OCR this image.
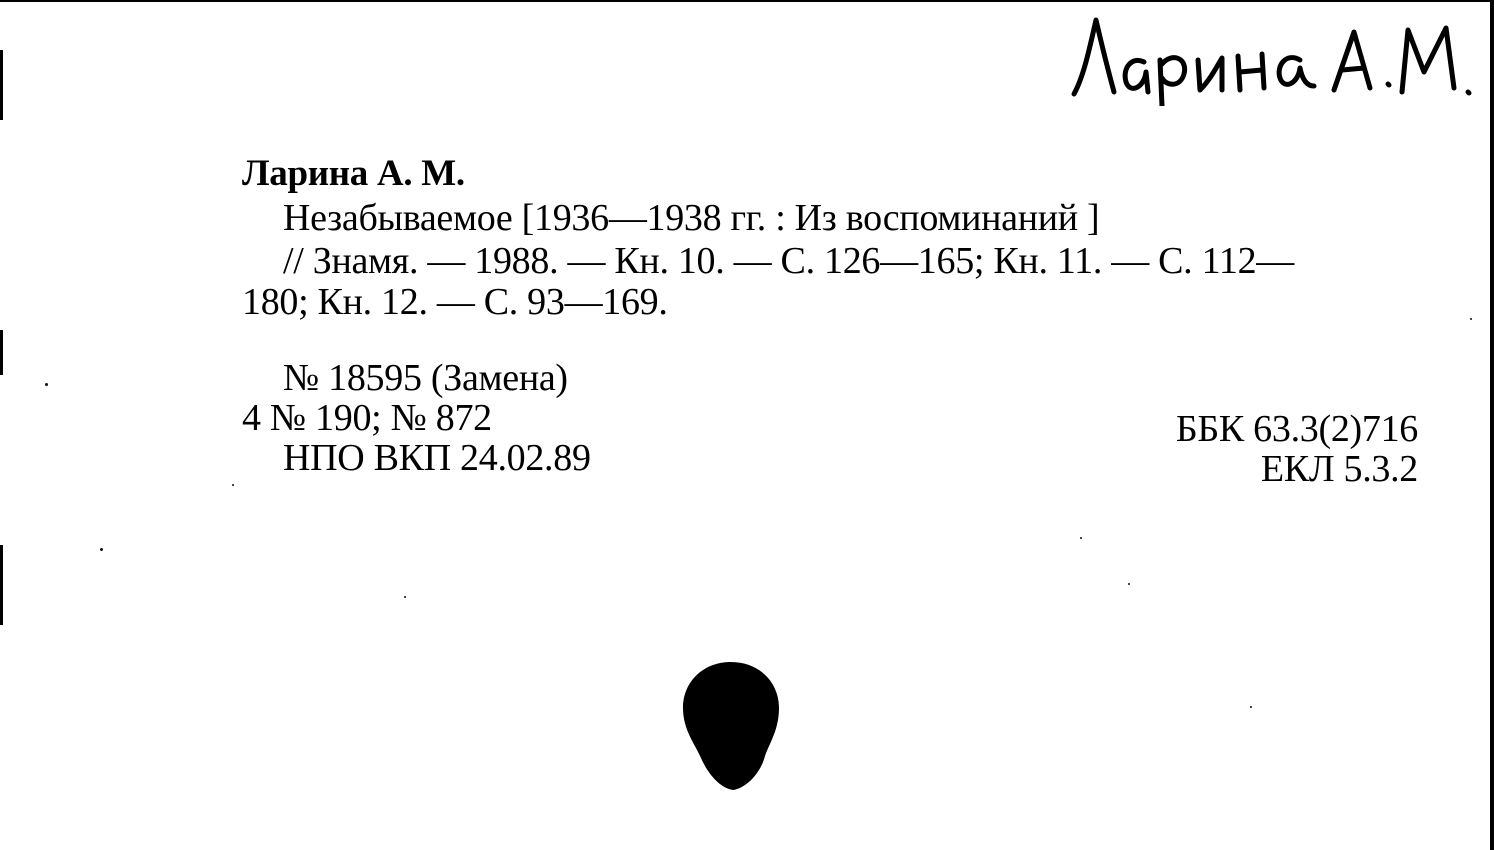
Ларина А. М.
Незабываемое [1936—1938 гг. : Из воспоминаний ]
// Знамя. — 1988. — Кн. 10. — С. 126—165; Кн. 11. — С. 112—
180; Кн. 12. — С. 93—169.
№ 18595 (Замена)
4 № 190; № 872
НПО ВКП 24.02.89
ББК 63.3(2)716
ЕКЛ 5.3.2
